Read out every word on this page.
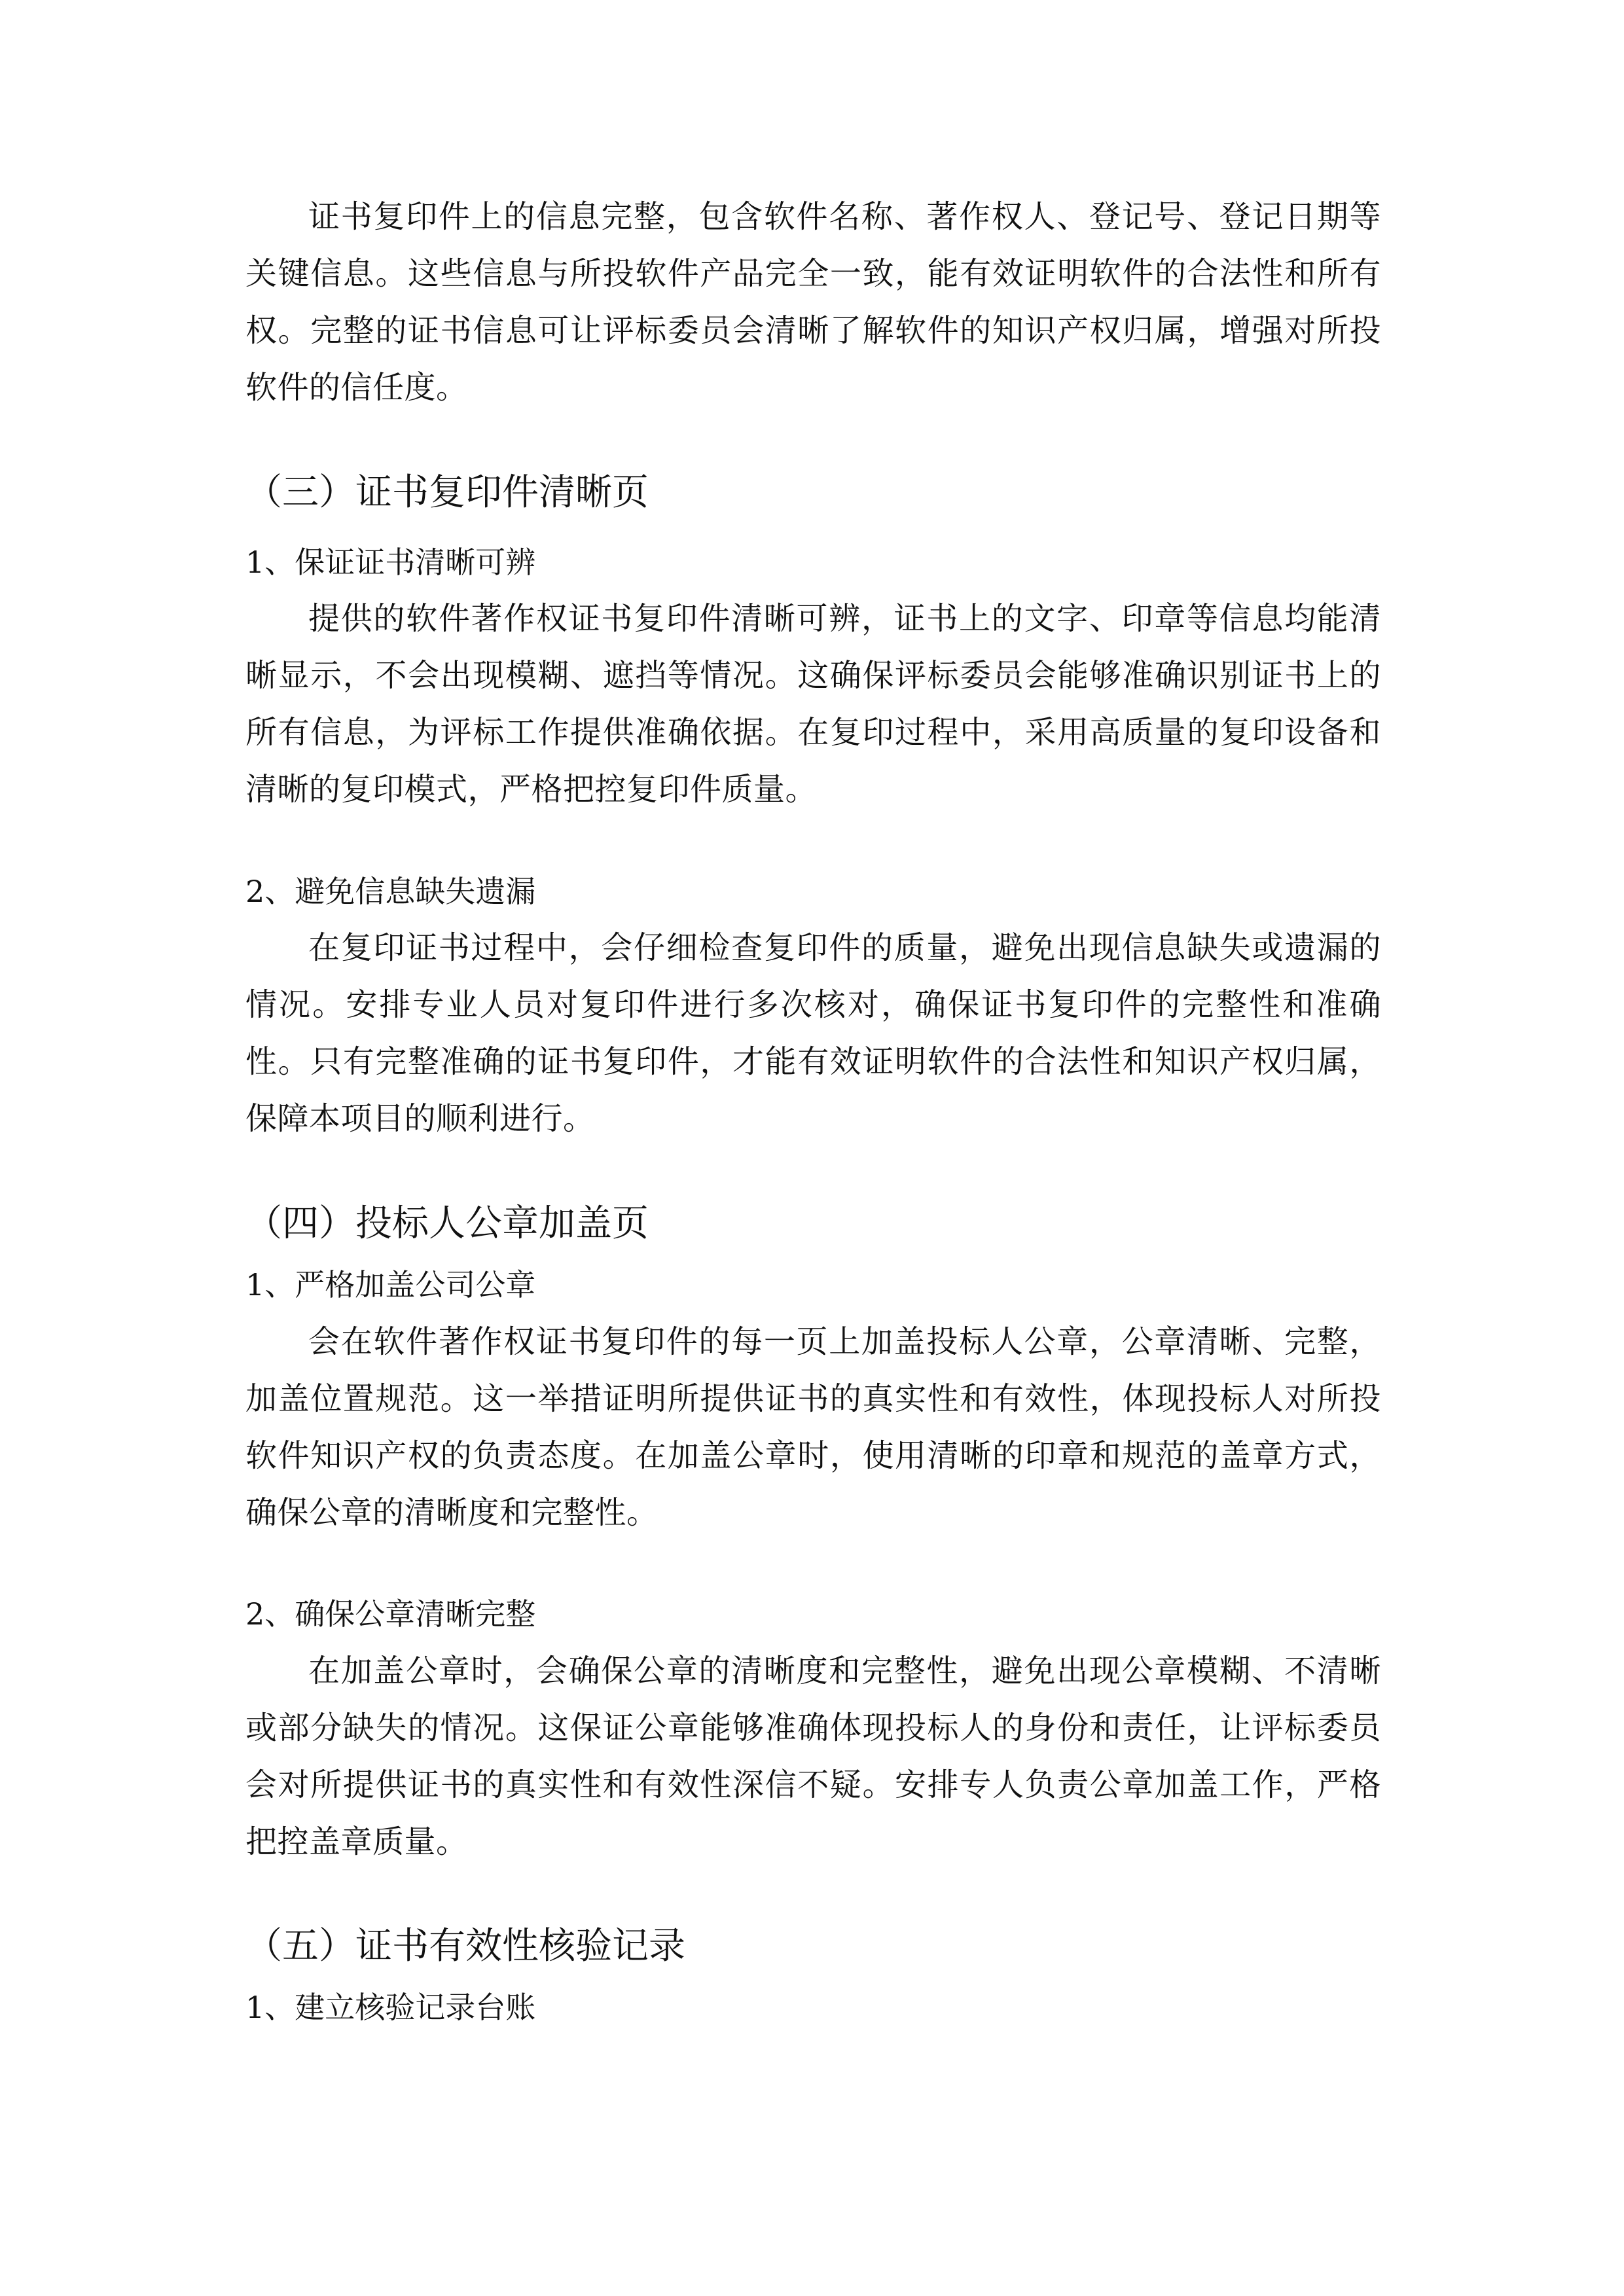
证书复印件上的信息完整，包含软件名称、著作权人、登记号、登记日期等关键信息。这些信息与所投软件产品完全一致，能有效证明软件的合法性和所有权。完整的证书信息可让评标委员会清晰了解软件的知识产权归属，增强对所投软件的信任度。

（三）证书复印件清晰页
1、保证证书清晰可辨

提供的软件著作权证书复印件清晰可辨，证书上的文字、印章等信息均能清晰显示，不会出现模糊、遮挡等情况。这确保评标委员会能够准确识别证书上的所有信息，为评标工作提供准确依据。在复印过程中，采用高质量的复印设备和清晰的复印模式，严格把控复印件质量。

2、避免信息缺失遗漏

在复印证书过程中，会仔细检查复印件的质量，避免出现信息缺失或遗漏的情况。安排专业人员对复印件进行多次核对，确保证书复印件的完整性和准确性。只有完整准确的证书复印件，才能有效证明软件的合法性和知识产权归属，保障本项目的顺利进行。

（四）投标人公章加盖页
1、严格加盖公司公章

会在软件著作权证书复印件的每一页上加盖投标人公章，公章清晰、完整，加盖位置规范。这一举措证明所提供证书的真实性和有效性，体现投标人对所投软件知识产权的负责态度。在加盖公章时，使用清晰的印章和规范的盖章方式，确保公章的清晰度和完整性。

2、确保公章清晰完整

在加盖公章时，会确保公章的清晰度和完整性，避免出现公章模糊、不清晰或部分缺失的情况。这保证公章能够准确体现投标人的身份和责任，让评标委员会对所提供证书的真实性和有效性深信不疑。安排专人负责公章加盖工作，严格把控盖章质量。

（五）证书有效性核验记录
1、建立核验记录台账
